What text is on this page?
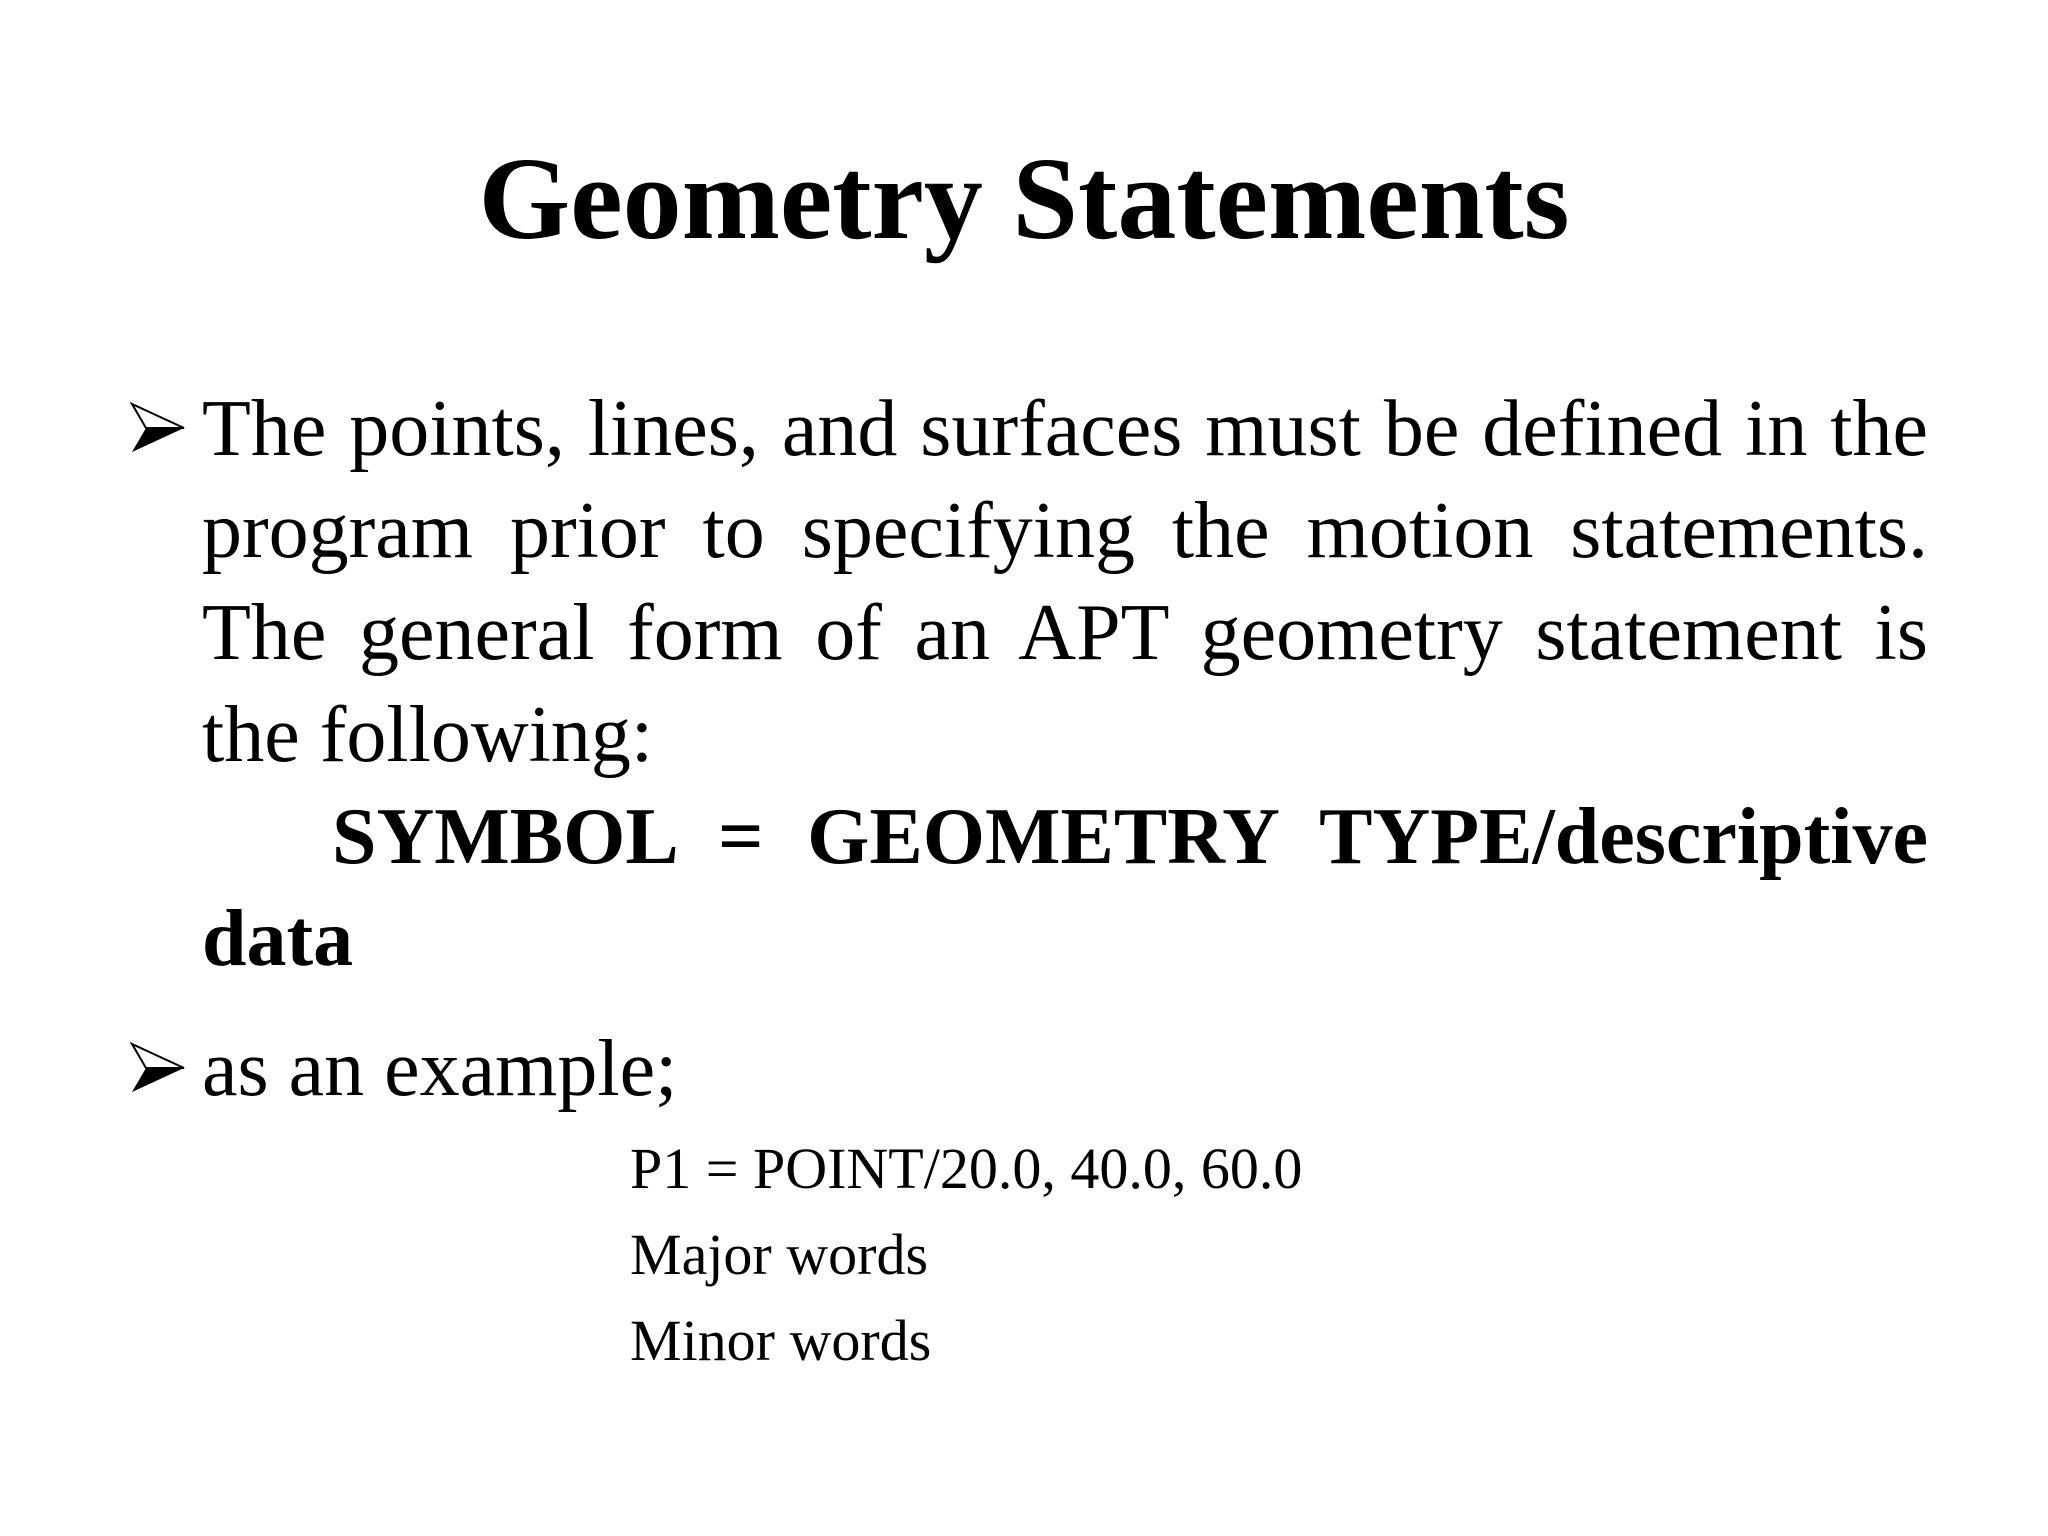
Geometry Statements
The points, lines, and surfaces must be defined in the program prior to specifying the motion statements. The general form of an APT geometry statement is the following:
SYMBOL = GEOMETRY TYPE/descriptive data
as an example;
P1 = POINT/20.0, 40.0, 60.0
Major words
Minor words
